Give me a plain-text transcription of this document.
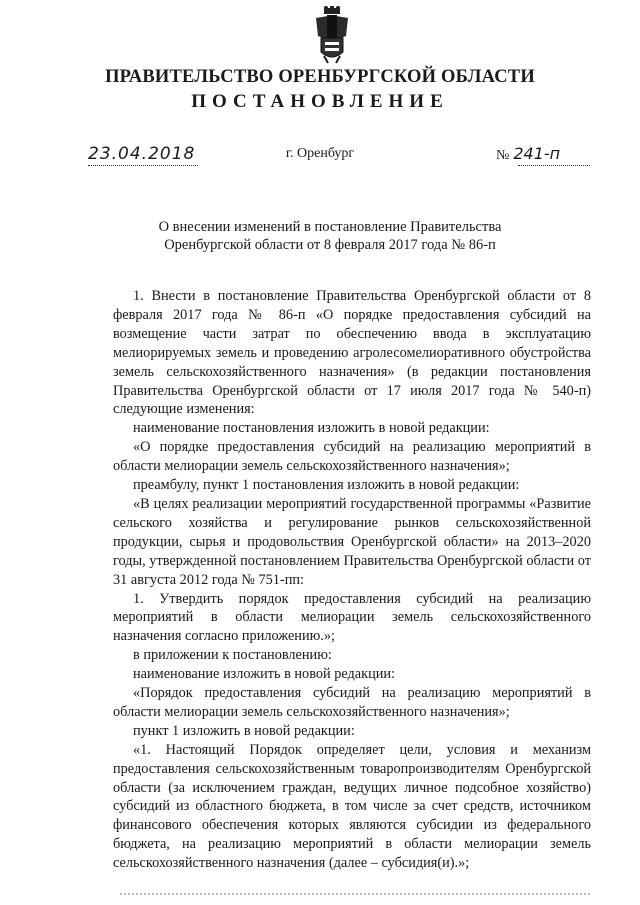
ПРАВИТЕЛЬСТВО ОРЕНБУРГСКОЙ ОБЛАСТИ
ПОСТАНОВЛЕНИЕ
23.04.2018	г. Оренбург	№ 241-п
О внесении изменений в постановление Правительства
Оренбургской области от 8 февраля 2017 года № 86-п

1. Внести в постановление Правительства Оренбургской области от 8 февраля 2017 года № 86-п «О порядке предоставления субсидий на возмещение части затрат по обеспечению ввода в эксплуатацию мелиорируемых земель и проведению агролесомелиоративного обустройства земель сельскохозяйственного назначения» (в редакции постановления Правительства Оренбургской области от 17 июля 2017 года № 540-п) следующие изменения:

наименование постановления изложить в новой редакции:

«О порядке предоставления субсидий на реализацию мероприятий в области мелиорации земель сельскохозяйственного назначения»;

преамбулу, пункт 1 постановления изложить в новой редакции:

«В целях реализации мероприятий государственной программы «Развитие сельского хозяйства и регулирование рынков сельскохозяйственной продукции, сырья и продовольствия Оренбургской области» на 2013–2020 годы, утвержденной постановлением Правительства Оренбургской области от 31 августа 2012 года № 751-пп:

1. Утвердить порядок предоставления субсидий на реализацию мероприятий в области мелиорации земель сельскохозяйственного назначения согласно приложению.»;

в приложении к постановлению:

наименование изложить в новой редакции:

«Порядок предоставления субсидий на реализацию мероприятий в области мелиорации земель сельскохозяйственного назначения»;

пункт 1 изложить в новой редакции:

«1. Настоящий Порядок определяет цели, условия и механизм предоставления сельскохозяйственным товаропроизводителям Оренбургской области (за исключением граждан, ведущих личное подсобное хозяйство) субсидий из областного бюджета, в том числе за счет средств, источником финансового обеспечения которых являются субсидии из федерального бюджета, на реализацию мероприятий в области мелиорации земель сельскохозяйственного назначения (далее – субсидия(и).»;
